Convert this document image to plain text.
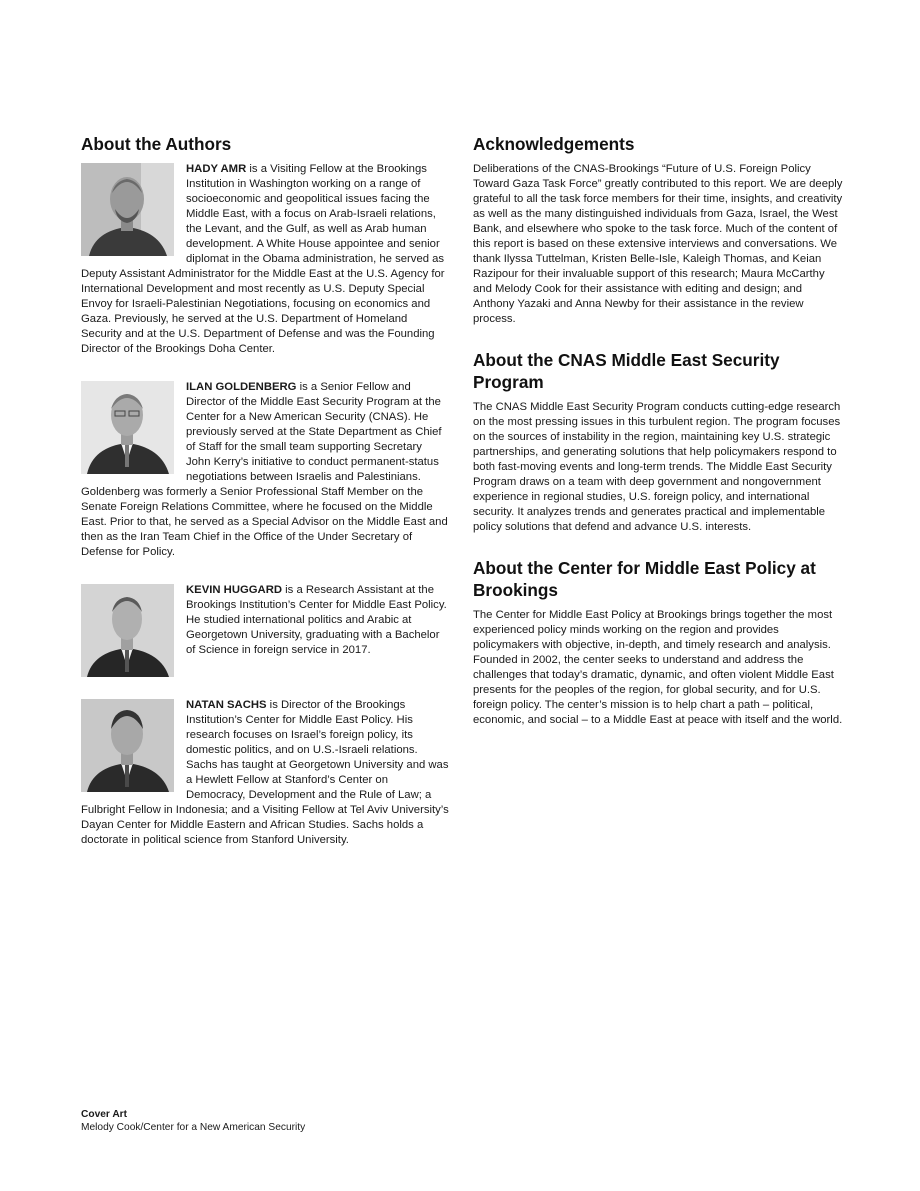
About the Authors

HADY AMR is a Visiting Fellow at the Brookings Institution in Washington working on a range of socioeconomic and geopolitical issues facing the Middle East, with a focus on Arab-Israeli relations, the Levant, and the Gulf, as well as Arab human development. A White House appointee and senior diplomat in the Obama administration, he served as Deputy Assistant Administrator for the Middle East at the U.S. Agency for International Development and most recently as U.S. Deputy Special Envoy for Israeli-Palestinian Negotiations, focusing on economics and Gaza. Previously, he served at the U.S. Department of Homeland Security and at the U.S. Department of Defense and was the Founding Director of the Brookings Doha Center.

ILAN GOLDENBERG is a Senior Fellow and Director of the Middle East Security Program at the Center for a New American Security (CNAS). He previously served at the State Department as Chief of Staff for the small team supporting Secretary John Kerry’s initiative to conduct permanent-status negotiations between Israelis and Palestinians. Goldenberg was formerly a Senior Professional Staff Member on the Senate Foreign Relations Committee, where he focused on the Middle East. Prior to that, he served as a Special Advisor on the Middle East and then as the Iran Team Chief in the Office of the Under Secretary of Defense for Policy.

KEVIN HUGGARD is a Research Assistant at the Brookings Institution’s Center for Middle East Policy. He studied international politics and Arabic at Georgetown University, graduating with a Bachelor of Science in foreign service in 2017.

NATAN SACHS is Director of the Brookings Institution’s Center for Middle East Policy. His research focuses on Israel’s foreign policy, its domestic politics, and on U.S.-Israeli relations. Sachs has taught at Georgetown University and was a Hewlett Fellow at Stanford’s Center on Democracy, Development and the Rule of Law; a Fulbright Fellow in Indonesia; and a Visiting Fellow at Tel Aviv University’s Dayan Center for Middle Eastern and African Studies. Sachs holds a doctorate in political science from Stanford University.

Acknowledgements

Deliberations of the CNAS-Brookings “Future of U.S. Foreign Policy Toward Gaza Task Force” greatly contributed to this report. We are deeply grateful to all the task force members for their time, insights, and creativity as well as the many distinguished individuals from Gaza, Israel, the West Bank, and elsewhere who spoke to the task force. Much of the content of this report is based on these extensive interviews and conversations. We thank Ilyssa Tuttelman, Kristen Belle-Isle, Kaleigh Thomas, and Keian Razipour for their invaluable support of this research; Maura McCarthy and Melody Cook for their assistance with editing and design; and Anthony Yazaki and Anna Newby for their assistance in the review process.

About the CNAS Middle East Security Program

The CNAS Middle East Security Program conducts cutting-edge research on the most pressing issues in this turbulent region. The program focuses on the sources of instability in the region, maintaining key U.S. strategic partnerships, and generating solutions that help policymakers respond to both fast-moving events and long-term trends. The Middle East Security Program draws on a team with deep government and nongovernment experience in regional studies, U.S. foreign policy, and international security. It analyzes trends and generates practical and implementable policy solutions that defend and advance U.S. interests.

About the Center for Middle East Policy at Brookings

The Center for Middle East Policy at Brookings brings together the most experienced policy minds working on the region and provides policymakers with objective, in-depth, and timely research and analysis. Founded in 2002, the center seeks to understand and address the challenges that today’s dramatic, dynamic, and often violent Middle East presents for the peoples of the region, for global security, and for U.S. foreign policy. The center’s mission is to help chart a path – political, economic, and social – to a Middle East at peace with itself and the world.

Cover Art
Melody Cook/Center for a New American Security
